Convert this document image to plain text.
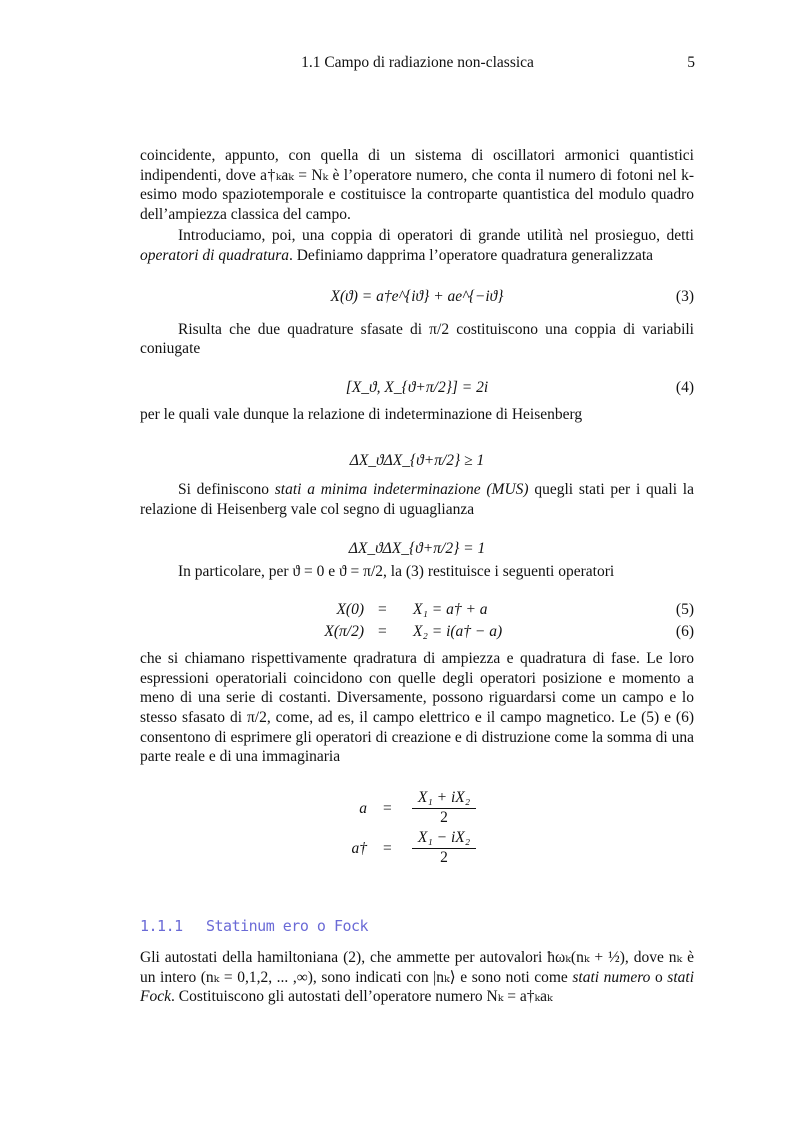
1.1 Campo di radiazione non-classica	5

coincidente, appunto, con quella di un sistema di oscillatori armonici quantistici indipendenti, dove a†ₖaₖ = Nₖ è l’operatore numero, che conta il numero di fotoni nel k-esimo modo spaziotemporale e costituisce la controparte quantistica del modulo quadro dell’ampiezza classica del campo.

Introduciamo, poi, una coppia di operatori di grande utilità nel prosieguo, detti operatori di quadratura. Definiamo dapprima l’operatore quadratura generalizzata

X(ϑ) = a†e^{iϑ} + ae^{−iϑ}	(3)

Risulta che due quadrature sfasate di π/2 costituiscono una coppia di variabili coniugate

[X_ϑ, X_{ϑ+π/2}] = 2i	(4)

per le quali vale dunque la relazione di indeterminazione di Heisenberg

ΔX_ϑΔX_{ϑ+π/2} ≥ 1

Si definiscono stati a minima indeterminazione (MUS) quegli stati per i quali la relazione di Heisenberg vale col segno di uguaglianza

ΔX_ϑΔX_{ϑ+π/2} = 1

In particolare, per ϑ = 0 e ϑ = π/2, la (3) restituisce i seguenti operatori

X(0) = X₁ = a† + a	(5)
X(π/2) = X₂ = i(a† − a)	(6)

che si chiamano rispettivamente qradratura di ampiezza e quadratura di fase. Le loro espressioni operatoriali coincidono con quelle degli operatori posizione e momento a meno di una serie di costanti. Diversamente, possono riguardarsi come un campo e lo stesso sfasato di π/2, come, ad es, il campo elettrico e il campo magnetico. Le (5) e (6) consentono di esprimere gli operatori di creazione e di distruzione come la somma di una parte reale e di una immaginaria

$a = \frac{\text{X₁ + iX₂}}{2}$
a† = $\frac{\text{X₁ − iX₂}}{2}$
1.1.1 Statinum ero o Fock

Gli autostati della hamiltoniana (2), che ammette per autovalori ħωₖ(nₖ + ½), dove nₖ è un intero (nₖ = 0,1,2, ... ,∞), sono indicati con |nₖ⟩ e sono noti come stati numero o stati Fock. Costituiscono gli autostati dell’operatore numero Nₖ = a†ₖaₖ
